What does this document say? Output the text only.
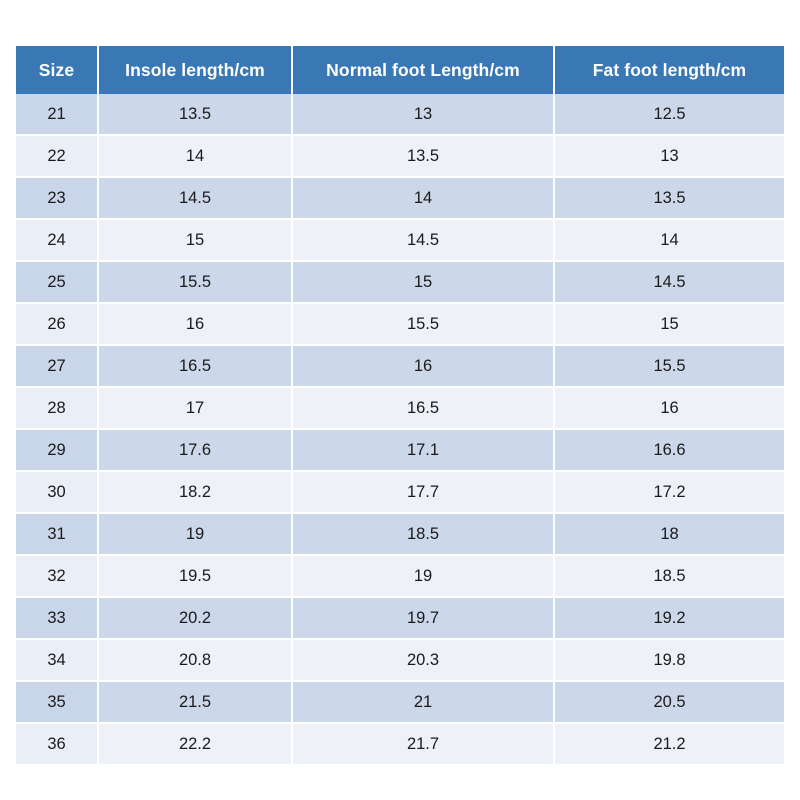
Size	Insole length/cm	Normal foot Length/cm	Fat foot length/cm
21	13.5	13	12.5
22	14	13.5	13
23	14.5	14	13.5
24	15	14.5	14
25	15.5	15	14.5
26	16	15.5	15
27	16.5	16	15.5
28	17	16.5	16
29	17.6	17.1	16.6
30	18.2	17.7	17.2
31	19	18.5	18
32	19.5	19	18.5
33	20.2	19.7	19.2
34	20.8	20.3	19.8
35	21.5	21	20.5
36	22.2	21.7	21.2
